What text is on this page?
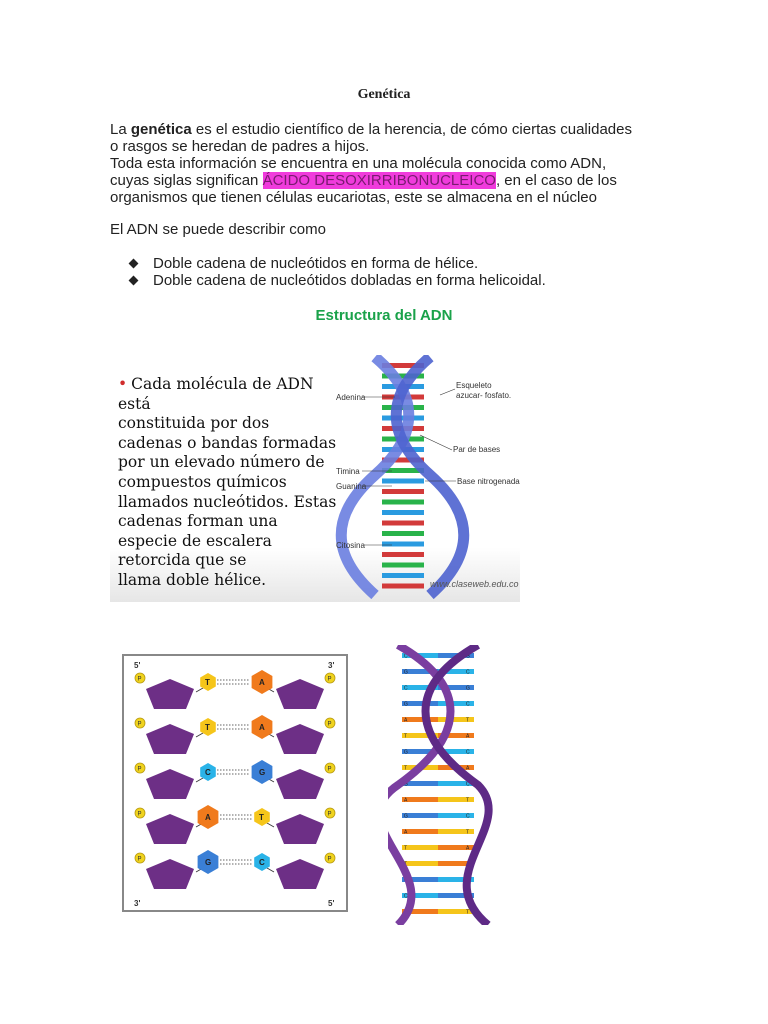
Genética
La genética es el estudio científico de la herencia, de cómo ciertas cualidades
o rasgos se heredan de padres a hijos.
Toda esta información se encuentra en una molécula conocida como ADN,
cuyas siglas significan ÁCIDO DESOXIRRIBONUCLEICO, en el caso de los
organismos que tienen células eucariotas, este se almacena en el núcleo
El ADN se puede describir como
Doble cadena de nucleótidos en forma de hélice.
Doble cadena de nucleótidos dobladas en forma helicoidal.
Estructura del ADN
• Cada molécula de ADN está
constituida por dos
cadenas o bandas formadas
por un elevado número de
compuestos químicos
llamados nucleótidos. Estas
cadenas forman una
especie de escalera
retorcida que se
llama doble hélice.
Adenina
Timina
Guanina
Citosina
Esqueleto
azucar- fosfato.
Par de bases
Base nitrogenada
www.claseweb.edu.co
5'	3'
3'	5'
P	P
T	A
P	P
T	A
P	P
C	G
P	P
A	T
P	P
G	C
C	G
G	C
C	G
G	C
A	T
T	A
G	C
T	A
G	C
A	T
G	C
A	T
T	A
T	A
G	C
C	G
A	T
